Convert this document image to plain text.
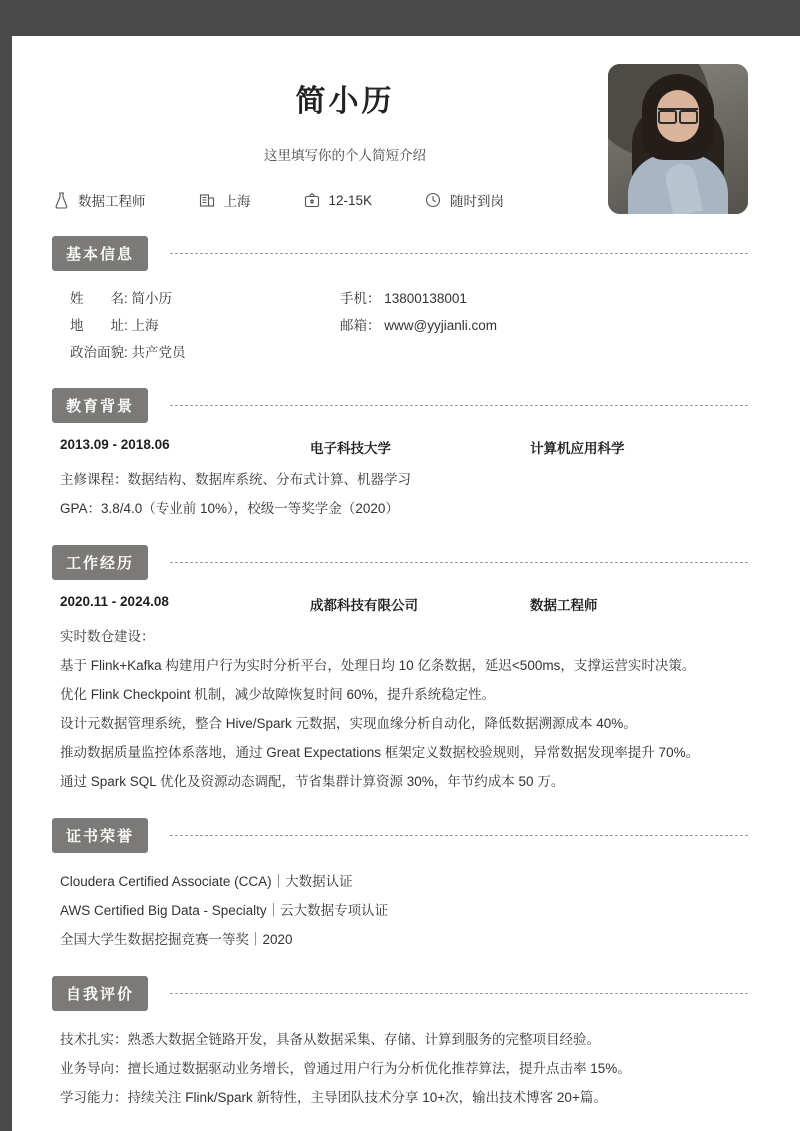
简小历
这里填写你的个人简短介绍
数据工程师	上海	12-15K	随时到岗
基本信息
姓　　名: 简小历	手机： 13800138001
地　　址: 上海	邮箱： www@yyjianli.com
政治面貌: 共产党员
教育背景
2013.09 - 2018.06	电子科技大学	计算机应用科学
主修课程：数据结构、数据库系统、分布式计算、机器学习
GPA：3.8/4.0（专业前 10%），校级一等奖学金（2020）
工作经历
2020.11 - 2024.08	成都科技有限公司	数据工程师
实时数仓建设：
基于 Flink+Kafka 构建用户行为实时分析平台，处理日均 10 亿条数据，延迟<500ms，支撑运营实时决策。
优化 Flink Checkpoint 机制，减少故障恢复时间 60%，提升系统稳定性。
设计元数据管理系统，整合 Hive/Spark 元数据，实现血缘分析自动化，降低数据溯源成本 40%。
推动数据质量监控体系落地，通过 Great Expectations 框架定义数据校验规则，异常数据发现率提升 70%。
通过 Spark SQL 优化及资源动态调配，节省集群计算资源 30%，年节约成本 50 万。
证书荣誉
Cloudera Certified Associate (CCA)｜大数据认证
AWS Certified Big Data - Specialty｜云大数据专项认证
全国大学生数据挖掘竞赛一等奖｜2020
自我评价
技术扎实：熟悉大数据全链路开发，具备从数据采集、存储、计算到服务的完整项目经验。
业务导向：擅长通过数据驱动业务增长，曾通过用户行为分析优化推荐算法，提升点击率 15%。
学习能力：持续关注 Flink/Spark 新特性，主导团队技术分享 10+次，输出技术博客 20+篇。
